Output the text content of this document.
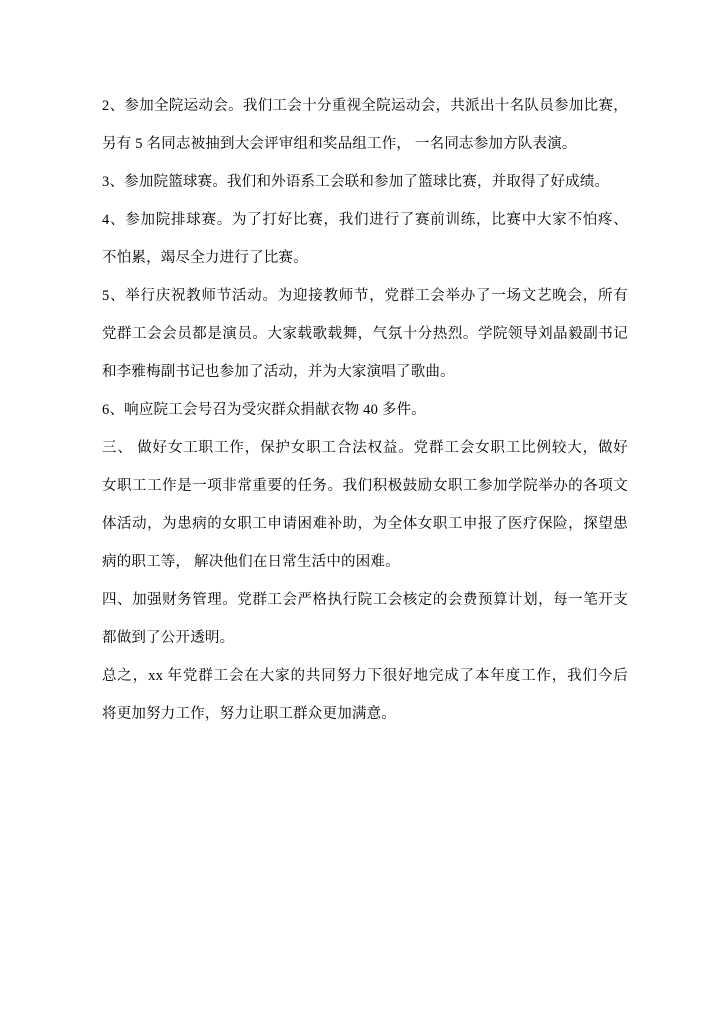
2、参加全院运动会。我们工会十分重视全院运动会，共派出十名队员参加比赛，
另有 5 名同志被抽到大会评审组和奖品组工作， 一名同志参加方队表演。
3、参加院篮球赛。我们和外语系工会联和参加了篮球比赛，并取得了好成绩。
4、参加院排球赛。为了打好比赛，我们进行了赛前训练，比赛中大家不怕疼、
不怕累，竭尽全力进行了比赛。
5、举行庆祝教师节活动。为迎接教师节，党群工会举办了一场文艺晚会，所有
党群工会会员都是演员。大家载歌载舞，气氛十分热烈。学院领导刘晶毅副书记
和李雅梅副书记也参加了活动，并为大家演唱了歌曲。
6、响应院工会号召为受灾群众捐献衣物 40 多件。
三、 做好女工职工作，保护女职工合法权益。党群工会女职工比例较大，做好
女职工工作是一项非常重要的任务。我们积极鼓励女职工参加学院举办的各项文
体活动，为患病的女职工申请困难补助，为全体女职工申报了医疗保险，探望患
病的职工等， 解决他们在日常生活中的困难。
四、加强财务管理。党群工会严格执行院工会核定的会费预算计划，每一笔开支
都做到了公开透明。
总之，xx 年党群工会在大家的共同努力下很好地完成了本年度工作，我们今后
将更加努力工作，努力让职工群众更加满意。
